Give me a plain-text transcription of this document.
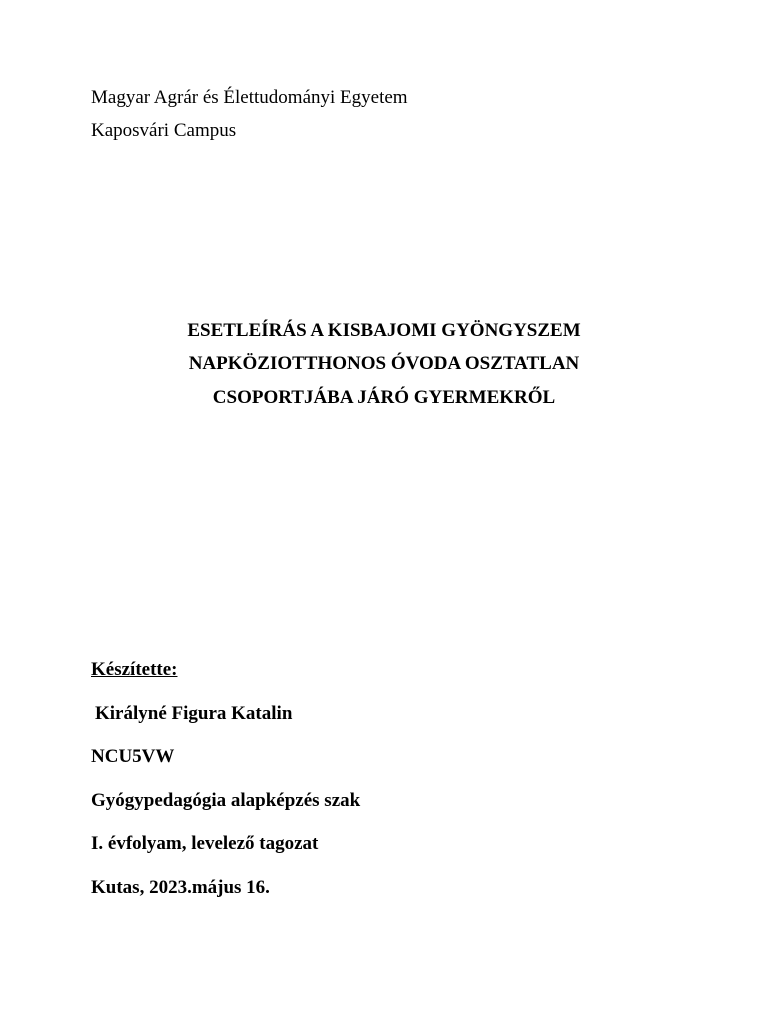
Magyar Agrár és Élettudományi Egyetem
Kaposvári Campus
ESETLEÍRÁS A KISBAJOMI GYÖNGYSZEM
NAPKÖZIOTTHONOS ÓVODA OSZTATLAN
CSOPORTJÁBA JÁRÓ GYERMEKRŐL
Készítette:
Királyné Figura Katalin
NCU5VW
Gyógypedagógia alapképzés szak
I. évfolyam, levelező tagozat
Kutas, 2023.május 16.
